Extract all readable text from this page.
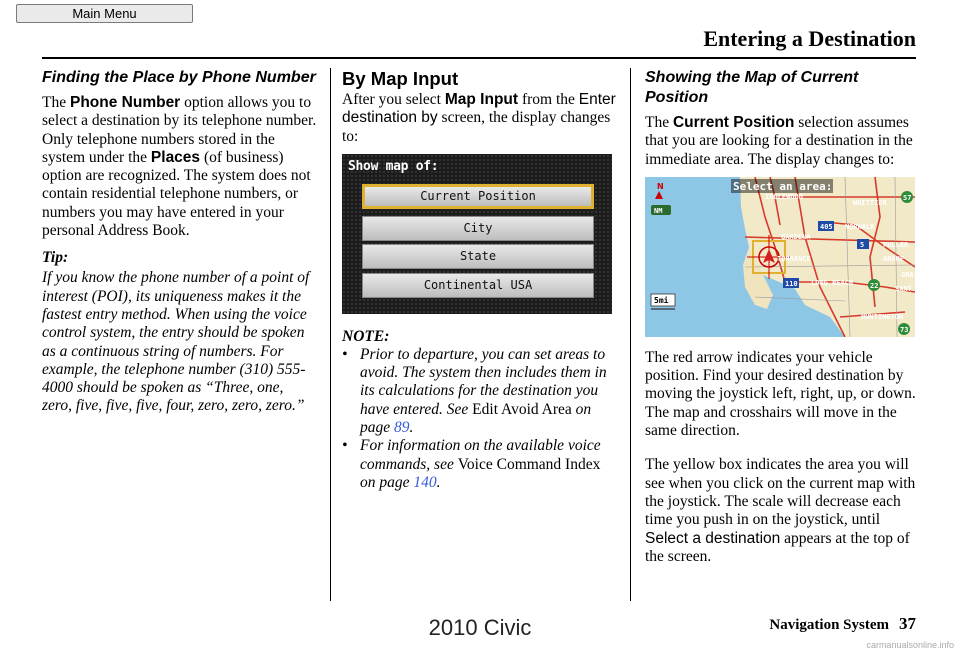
Main Menu
Entering a Destination
Finding the Place by Phone Number

The Phone Number option allows you to select a destination by its telephone number. Only telephone numbers stored in the system under the Places (of business) option are recognized. The system does not contain residential telephone numbers, or numbers you may have entered in your personal Address Book.

Tip:

If you know the phone number of a point of interest (POI), its uniqueness makes it the fastest entry method. When using the voice control system, the entry should be spoken as a continuous string of numbers. For example, the telephone number (310) 555-4000 should be spoken as “Three, one, zero, five, five, five, four, zero, zero, zero.”

By Map Input

After you select Map Input from the Enter destination by screen, the display changes to:

Show map of:
Current Position
City
State
Continental USA
NOTE:
• Prior to departure, you can set areas to avoid. The system then includes them in its calculations for the destination you have entered. See Edit Avoid Area on page 89.
• For information on the available voice commands, see Voice Command Index on page 140.
Showing the Map of Current Position

The Current Position selection assumes that you are looking for a destination in the immediate area. The display changes to:

Select an area:
INGLEWOOD
WHITTIER
NORWALK
GARDENA
TORRANCE
FULLER
ANAHE
LONG BEACH
ORA
SANT
HUNTINGTON
405
5
110	22
57
73
N
NM
5mi

The red arrow indicates your vehicle position. Find your desired destination by moving the joystick left, right, up, or down. The map and crosshairs will move in the same direction.

The yellow box indicates the area you will see when you click on the current map with the joystick. The scale will decrease each time you push in on the joystick, until Select a destination appears at the top of the screen.

Navigation System 37
2010 Civic
carmanualsonline.info
